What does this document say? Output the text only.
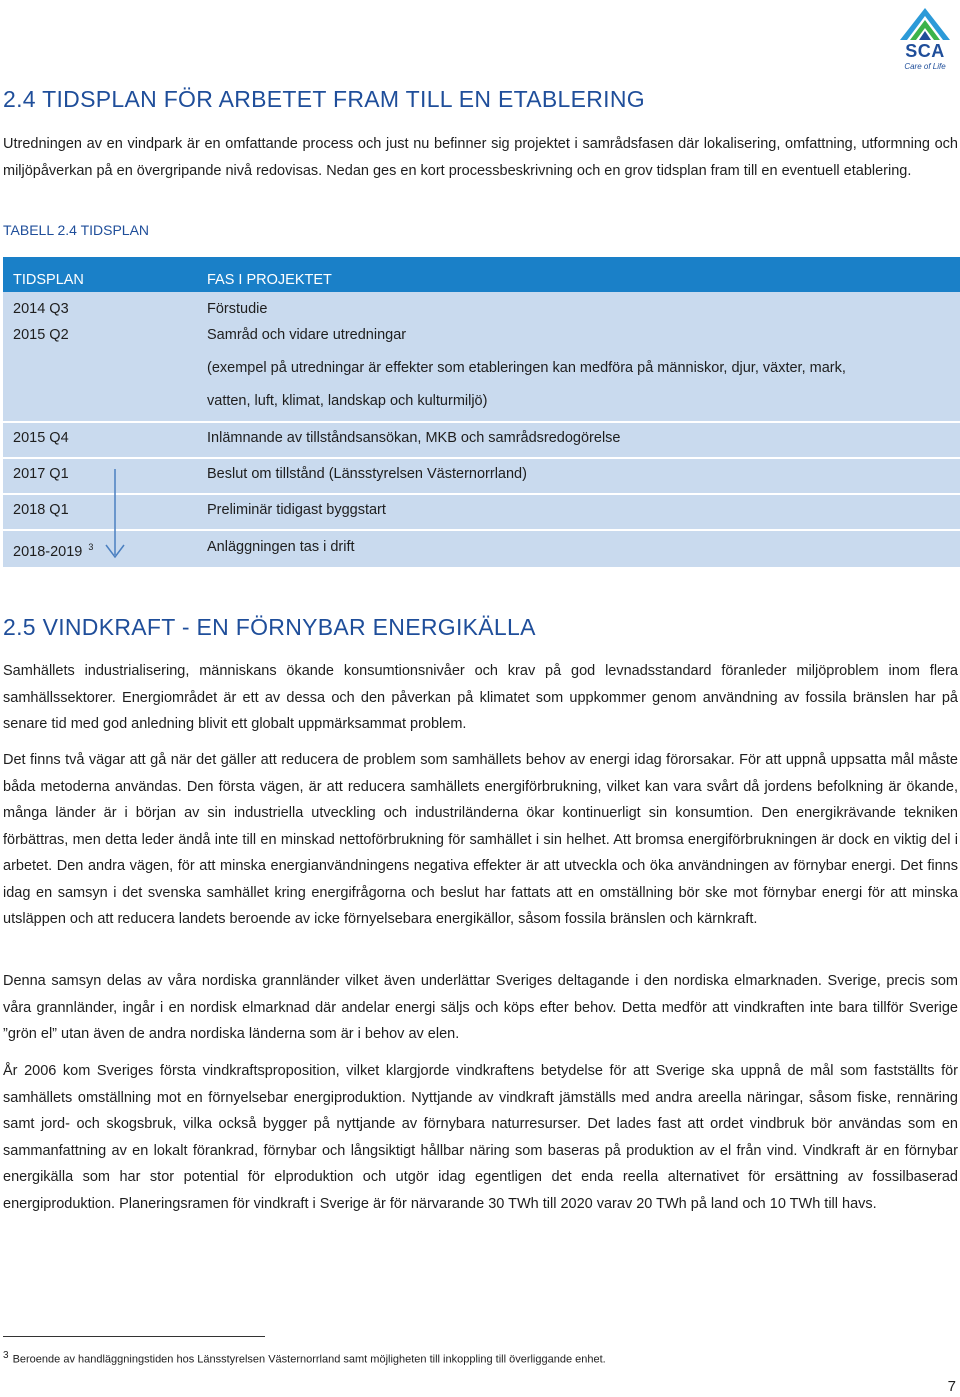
SCA
Care of Life
2.4 TIDSPLAN FÖR ARBETET FRAM TILL EN ETABLERING

Utredningen av en vindpark är en omfattande process och just nu befinner sig projektet i samrådsfasen där lokalisering, omfattning, utformning och miljöpåverkan på en övergripande nivå redovisas. Nedan ges en kort processbeskrivning och en grov tidsplan fram till en eventuell etablering.

TABELL 2.4 TIDSPLAN
TIDSPLAN	FAS I PROJEKTET
2014 Q3	Förstudie
2015 Q2	Samråd och vidare utredningar
(exempel på utredningar är effekter som etableringen kan medföra på människor, djur, växter, mark,
vatten, luft, klimat, landskap och kulturmiljö)
2015 Q4	Inlämnande av tillståndsansökan, MKB och samrådsredogörelse
2017 Q1	Beslut om tillstånd (Länsstyrelsen Västernorrland)
2018 Q1	Preliminär tidigast byggstart
2018-2019 $^3$	Anläggningen tas i drift
2.5 VINDKRAFT - EN FÖRNYBAR ENERGIKÄLLA

Samhällets industrialisering, människans ökande konsumtionsnivåer och krav på god levnadsstandard föranleder miljöproblem inom flera samhällssektorer. Energiområdet är ett av dessa och den påverkan på klimatet som uppkommer genom användning av fossila bränslen har på senare tid med god anledning blivit ett globalt uppmärksammat problem.

Det finns två vägar att gå när det gäller att reducera de problem som samhällets behov av energi idag förorsakar. För att uppnå uppsatta mål måste båda metoderna användas. Den första vägen, är att reducera samhällets energiförbrukning, vilket kan vara svårt då jordens befolkning är ökande, många länder är i början av sin industriella utveckling och industriländerna ökar kontinuerligt sin konsumtion. Den energikrävande tekniken förbättras, men detta leder ändå inte till en minskad nettoförbrukning för samhället i sin helhet. Att bromsa energiförbrukningen är dock en viktig del i arbetet. Den andra vägen, för att minska energianvändningens negativa effekter är att utveckla och öka användningen av förnybar energi. Det finns idag en samsyn i det svenska samhället kring energifrågorna och beslut har fattats att en omställning bör ske mot förnybar energi för att minska utsläppen och att reducera landets beroende av icke förnyelsebara energikällor, såsom fossila bränslen och kärnkraft.

Denna samsyn delas av våra nordiska grannländer vilket även underlättar Sveriges deltagande i den nordiska elmarknaden. Sverige, precis som våra grannländer, ingår i en nordisk elmarknad där andelar energi säljs och köps efter behov. Detta medför att vindkraften inte bara tillför Sverige ”grön el” utan även de andra nordiska länderna som är i behov av elen.

År 2006 kom Sveriges första vindkraftsproposition, vilket klargjorde vindkraftens betydelse för att Sverige ska uppnå de mål som fastställts för samhällets omställning mot en förnyelsebar energiproduktion. Nyttjande av vindkraft jämställs med andra areella näringar, såsom fiske, rennäring samt jord- och skogsbruk, vilka också bygger på nyttjande av förnybara naturresurser. Det lades fast att ordet vindbruk bör användas som en sammanfattning av en lokalt förankrad, förnybar och långsiktigt hållbar näring som baseras på produktion av el från vind. Vindkraft är en förnybar energikälla som har stor potential för elproduktion och utgör idag egentligen det enda reella alternativet för ersättning av fossilbaserad energiproduktion. Planeringsramen för vindkraft i Sverige är för närvarande 30 TWh till 2020 varav 20 TWh på land och 10 TWh till havs.

3 Beroende av handläggningstiden hos Länsstyrelsen Västernorrland samt möjligheten till inkoppling till överliggande enhet.
7
